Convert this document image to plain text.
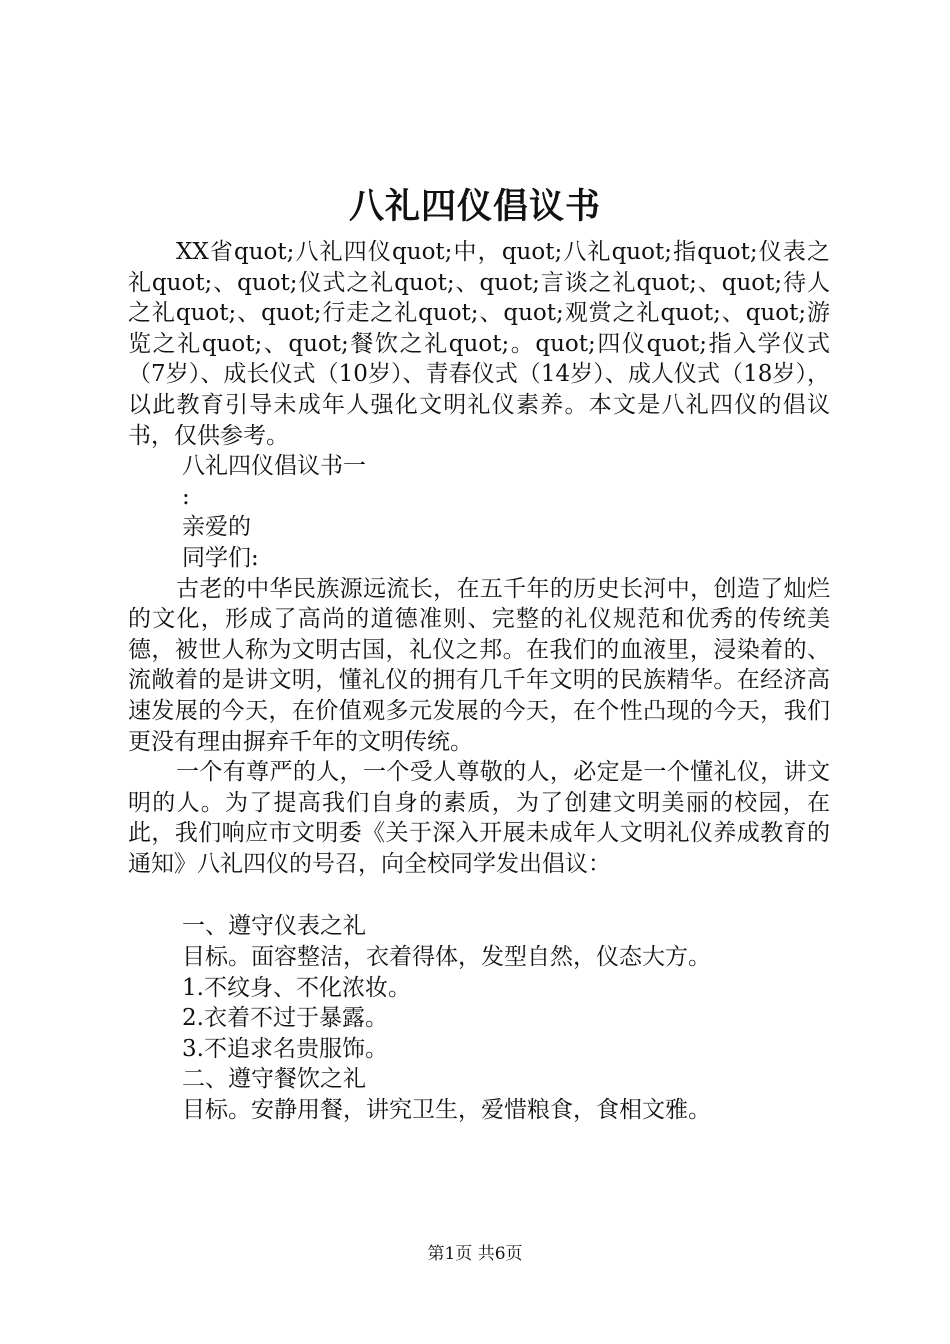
八礼四仪倡议书

XX省quot;八礼四仪quot;中，quot;八礼quot;指quot;仪表之礼quot;、quot;仪式之礼quot;、quot;言谈之礼quot;、quot;待人之礼quot;、quot;行走之礼quot;、quot;观赏之礼quot;、quot;游览之礼quot;、quot;餐饮之礼quot;。quot;四仪quot;指入学仪式（7岁）、成长仪式（10岁）、青春仪式（14岁）、成人仪式（18岁），以此教育引导未成年人强化文明礼仪素养。本文是八礼四仪的倡议书，仅供参考。

八礼四仪倡议书一

:

亲爱的

同学们:

古老的中华民族源远流长，在五千年的历史长河中，创造了灿烂的文化，形成了高尚的道德准则、完整的礼仪规范和优秀的传统美德，被世人称为文明古国，礼仪之邦。在我们的血液里，浸染着的、流敞着的是讲文明，懂礼仪的拥有几千年文明的民族精华。在经济高速发展的今天，在价值观多元发展的今天，在个性凸现的今天，我们更没有理由摒弃千年的文明传统。

一个有尊严的人，一个受人尊敬的人，必定是一个懂礼仪，讲文明的人。为了提高我们自身的素质，为了创建文明美丽的校园，在此，我们响应市文明委《关于深入开展未成年人文明礼仪养成教育的通知》八礼四仪的号召，向全校同学发出倡议：

一、遵守仪表之礼

目标。面容整洁，衣着得体，发型自然，仪态大方。

1.不纹身、不化浓妆。

2.衣着不过于暴露。

3.不追求名贵服饰。

二、遵守餐饮之礼

目标。安静用餐，讲究卫生，爱惜粮食，食相文雅。

第1页 共6页
